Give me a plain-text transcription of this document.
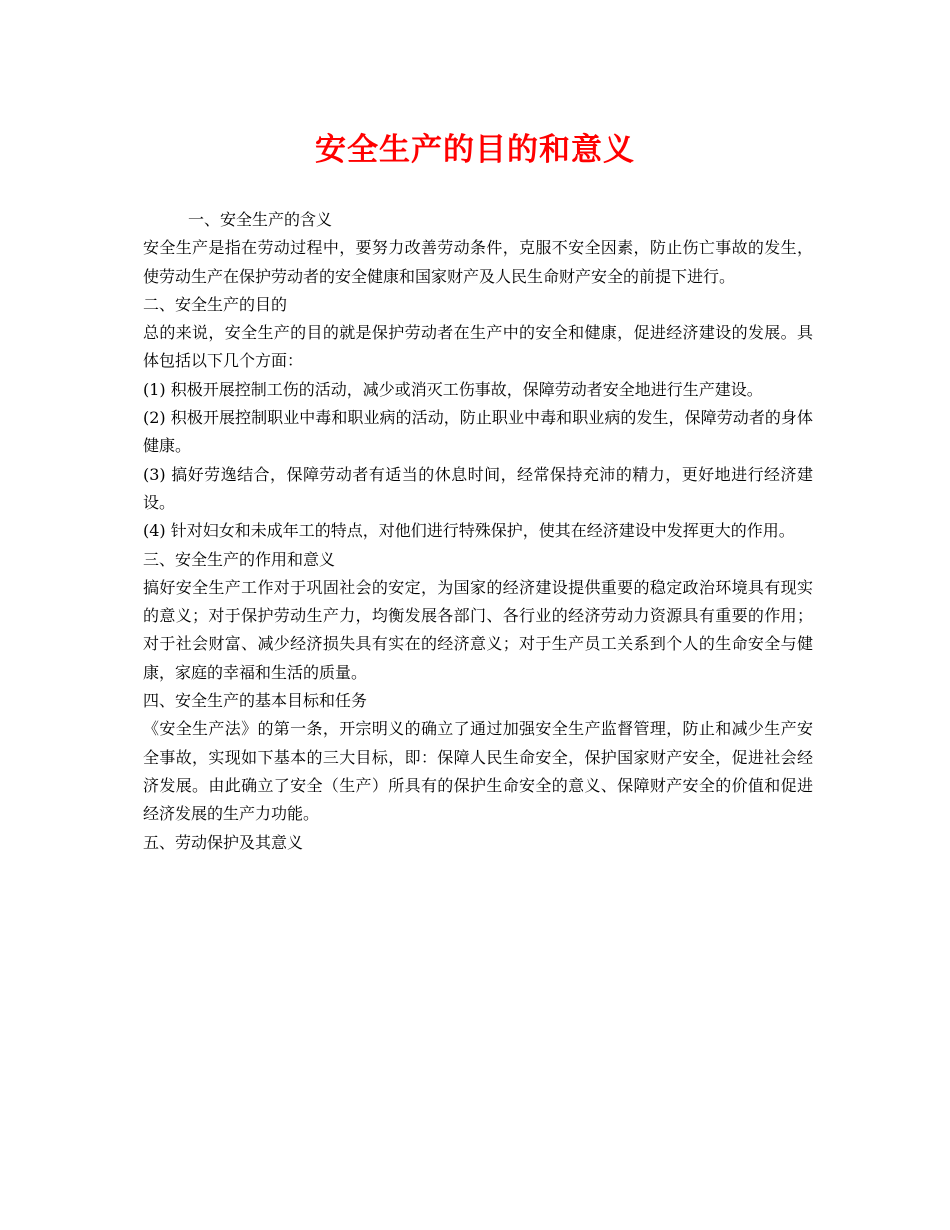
安全生产的目的和意义

一、安全生产的含义

安全生产是指在劳动过程中，要努力改善劳动条件，克服不安全因素，防止伤亡事故的发生，使劳动生产在保护劳动者的安全健康和国家财产及人民生命财产安全的前提下进行。

二、安全生产的目的

总的来说，安全生产的目的就是保护劳动者在生产中的安全和健康，促进经济建设的发展。具体包括以下几个方面：

(1) 积极开展控制工伤的活动，减少或消灭工伤事故，保障劳动者安全地进行生产建设。

(2) 积极开展控制职业中毒和职业病的活动，防止职业中毒和职业病的发生，保障劳动者的身体健康。

(3) 搞好劳逸结合，保障劳动者有适当的休息时间，经常保持充沛的精力，更好地进行经济建设。

(4) 针对妇女和未成年工的特点，对他们进行特殊保护，使其在经济建设中发挥更大的作用。

三、安全生产的作用和意义

搞好安全生产工作对于巩固社会的安定，为国家的经济建设提供重要的稳定政治环境具有现实的意义；对于保护劳动生产力，均衡发展各部门、各行业的经济劳动力资源具有重要的作用；对于社会财富、减少经济损失具有实在的经济意义；对于生产员工关系到个人的生命安全与健康，家庭的幸福和生活的质量。

四、安全生产的基本目标和任务

《安全生产法》的第一条，开宗明义的确立了通过加强安全生产监督管理，防止和减少生产安全事故，实现如下基本的三大目标，即：保障人民生命安全，保护国家财产安全，促进社会经济发展。由此确立了安全（生产）所具有的保护生命安全的意义、保障财产安全的价值和促进经济发展的生产力功能。

五、劳动保护及其意义
